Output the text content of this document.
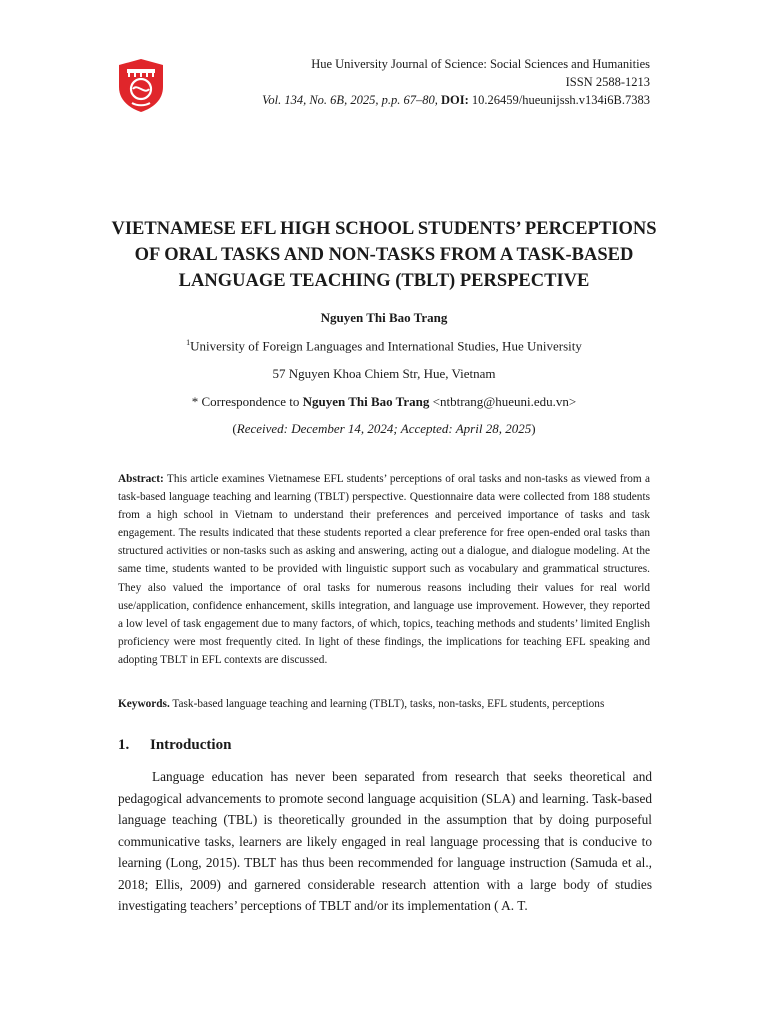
Hue University Journal of Science: Social Sciences and Humanities
ISSN 2588-1213
Vol. 134, No. 6B, 2025, p.p. 67–80, DOI: 10.26459/hueunijssh.v134i6B.7383
VIETNAMESE EFL HIGH SCHOOL STUDENTS’ PERCEPTIONS
OF ORAL TASKS AND NON-TASKS FROM A TASK-BASED
LANGUAGE TEACHING (TBLT) PERSPECTIVE
Nguyen Thi Bao Trang
$^1$University of Foreign Languages and International Studies, Hue University
57 Nguyen Khoa Chiem Str, Hue, Vietnam
* Correspondence to Nguyen Thi Bao Trang <ntbtrang@hueuni.edu.vn>
(Received: December 14, 2024; Accepted: April 28, 2025)

Abstract: This article examines Vietnamese EFL students’ perceptions of oral tasks and non-tasks as viewed from a task-based language teaching and learning (TBLT) perspective. Questionnaire data were collected from 188 students from a high school in Vietnam to understand their preferences and perceived importance of tasks and task engagement. The results indicated that these students reported a clear preference for free open-ended oral tasks than structured activities or non-tasks such as asking and answering, acting out a dialogue, and dialogue modeling. At the same time, students wanted to be provided with linguistic support such as vocabulary and grammatical structures. They also valued the importance of oral tasks for numerous reasons including their values for real world use/application, confidence enhancement, skills integration, and language use improvement. However, they reported a low level of task engagement due to many factors, of which, topics, teaching methods and students’ limited English proficiency were most frequently cited. In light of these findings, the implications for teaching EFL speaking and adopting TBLT in EFL contexts are discussed.

Keywords. Task-based language teaching and learning (TBLT), tasks, non-tasks, EFL students, perceptions

1. Introduction

Language education has never been separated from research that seeks theoretical and pedagogical advancements to promote second language acquisition (SLA) and learning. Task-based language teaching (TBL) is theoretically grounded in the assumption that by doing purposeful communicative tasks, learners are likely engaged in real language processing that is conducive to learning (Long, 2015). TBLT has thus been recommended for language instruction (Samuda et al., 2018; Ellis, 2009) and garnered considerable research attention with a large body of studies investigating teachers’ perceptions of TBLT and/or its implementation ( A. T.
